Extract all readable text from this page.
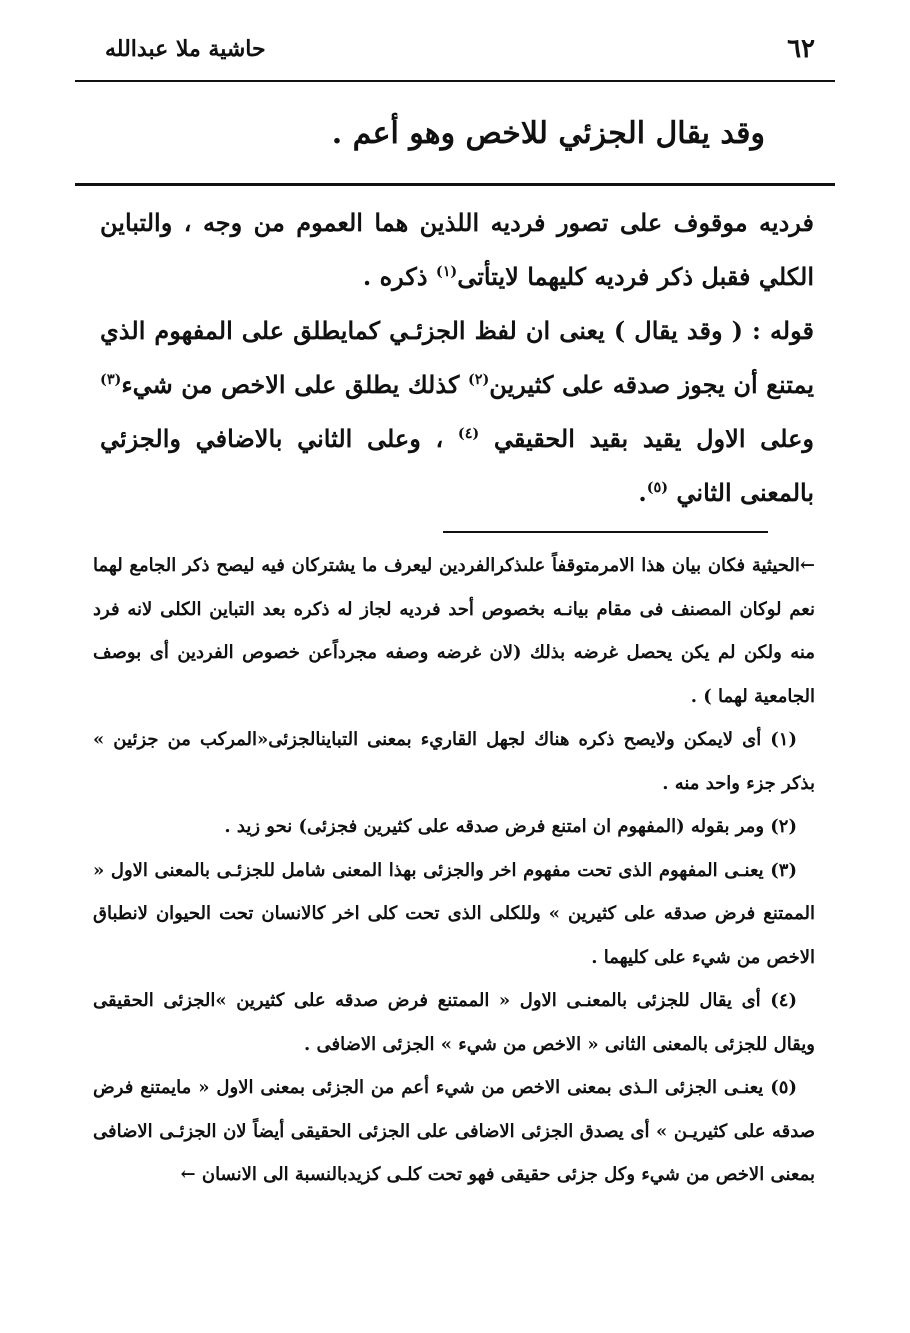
٦٢
حاشية ملا عبدالله
وقد يقال الجزئي للاخص وهو أعم .

فرديه موقوف على تصور فرديه اللذين هما العموم من وجه ، والتباين الكلي فقبل ذكر فرديه كليهما لايتأتى$^{(١)}$ ذكره .

قوله : ( وقد يقال ) يعنى ان لفظ الجزئـي كمايطلق على المفهوم الذي يمتنع أن يجوز صدقه على كثيرين$^{(٢)}$ كذلك يطلق على الاخص من شيء$^{(٣)}$ وعلى الاول يقيد بقيد الحقيقي $^{(٤)}$ ، وعلى الثاني بالاضافي والجزئي بالمعنى الثاني $^{(٥)}$.

←الحيثية فكان بيان هذا الامرمتوقفاً علىذكرالفردين ليعرف ما يشتركان فيه ليصح ذكر الجامع لهما نعم لوكان المصنف فى مقام بيانـه بخصوص أحد فرديه لجاز له ذكره بعد التباين الكلى لانه فرد منه ولكن لم يكن يحصل غرضه بذلك (لان غرضه وصفه مجرداًعن خصوص الفردين أى بوصف الجامعية لهما ) .

(١) أى لايمكن ولايصح ذكره هناك لجهل القاريء بمعنى التباينالجزئى«المركب من جزئين » بذكر جزء واحد منه .

(٢) ومر بقوله (المفهوم ان امتنع فرض صدقه على كثيرين فجزئى) نحو زيد .

(٣) يعنـى المفهوم الذى تحت مفهوم اخر والجزئى بهذا المعنى شامل للجزئـى بالمعنى الاول « الممتنع فرض صدقه على كثيرين » وللكلى الذى تحت كلى اخر كالانسان تحت الحيوان لانطباق الاخص من شيء على كليهما .

(٤) أى يقال للجزئى بالمعنـى الاول « الممتنع فرض صدقه على كثيرين »الجزئى الحقيقى ويقال للجزئى بالمعنى الثانى « الاخص من شيء » الجزئى الاضافى .

(٥) يعنـى الجزئى الـذى بمعنى الاخص من شيء أعم من الجزئى بمعنى الاول « مايمتنع فرض صدقه على كثيريـن » أى يصدق الجزئى الاضافى على الجزئى الحقيقى أيضاً لان الجزئـى الاضافى بمعنى الاخص من شيء وكل جزئى حقيقى فهو تحت كلـى كزيدبالنسبة الى الانسان ←
